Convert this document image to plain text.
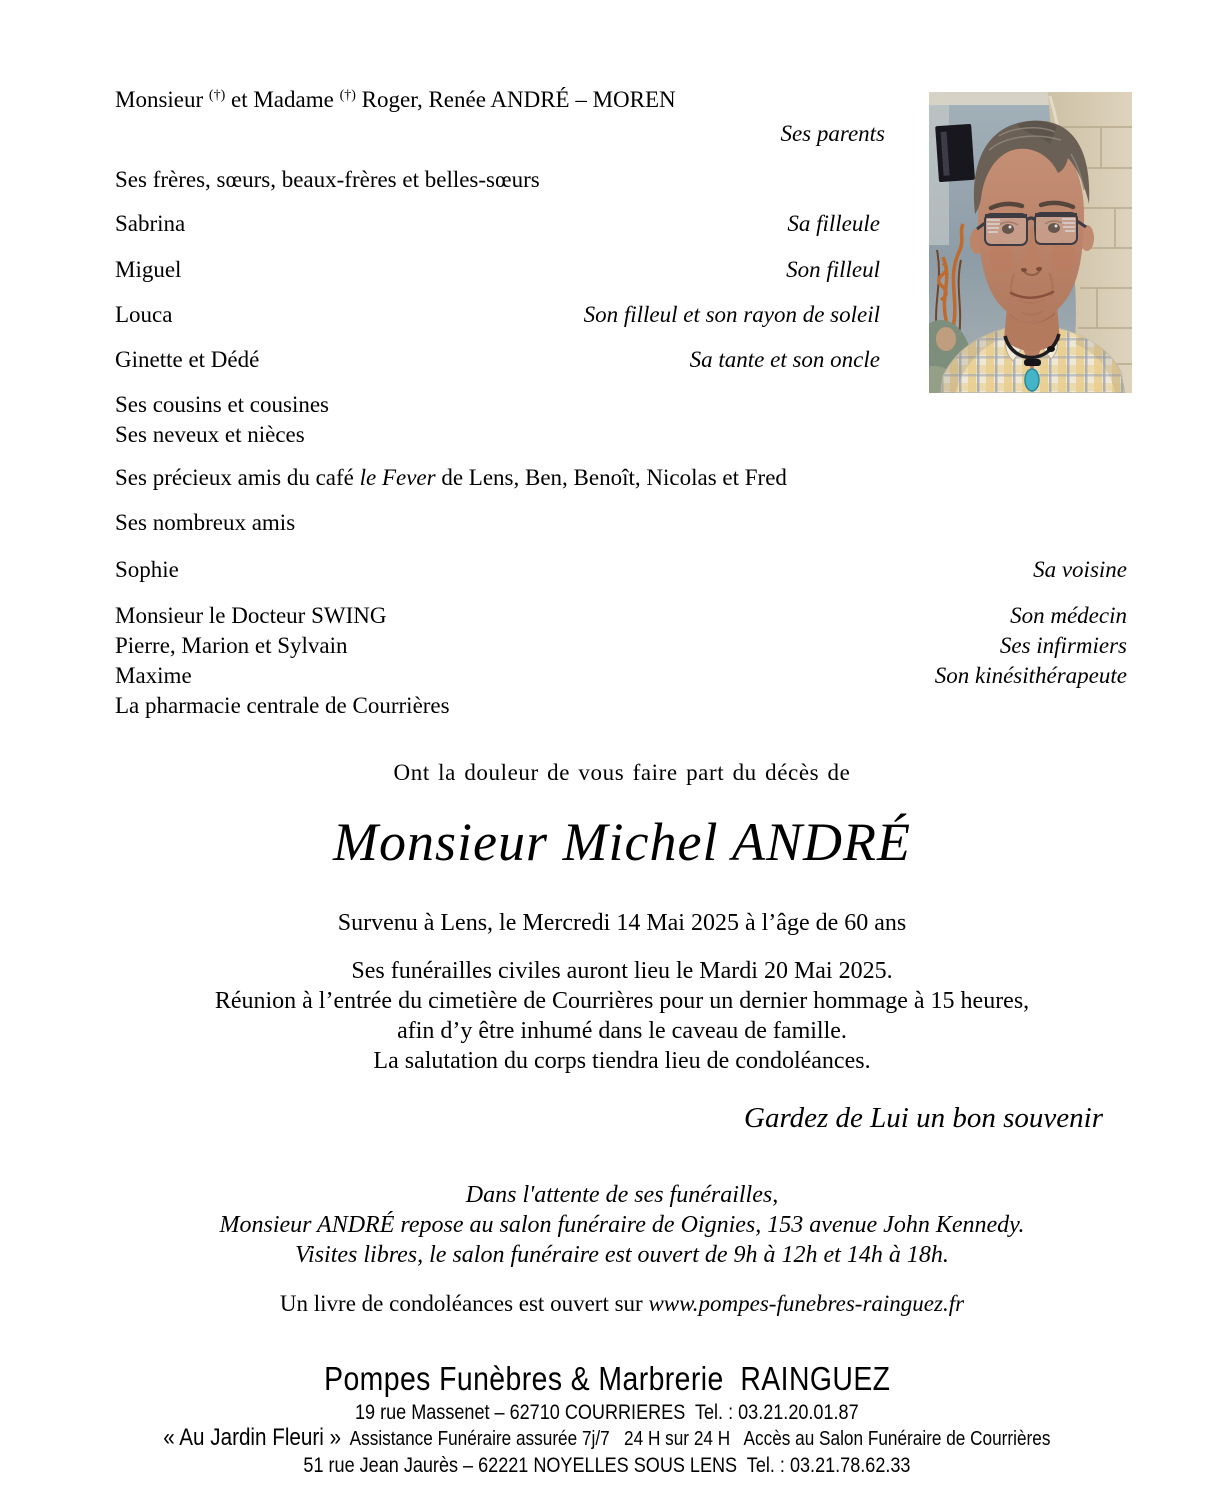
Monsieur (†) et Madame (†) Roger, Renée ANDRÉ – MOREN
Ses parents
Ses frères, sœurs, beaux-frères et belles-sœurs
Sabrina	Sa filleule
Miguel	Son filleul
Louca	Son filleul et son rayon de soleil
Ginette et Dédé	Sa tante et son oncle
Ses cousins et cousines
Ses neveux et nièces
Ses précieux amis du café le Fever de Lens, Ben, Benoît, Nicolas et Fred
Ses nombreux amis
Sophie	Sa voisine
Monsieur le Docteur SWING	Son médecin
Pierre, Marion et Sylvain	Ses infirmiers
Maxime	Son kinésithérapeute
La pharmacie centrale de Courrières
Ont la douleur de vous faire part du décès de
Monsieur Michel ANDRÉ
Survenu à Lens, le Mercredi 14 Mai 2025 à l’âge de 60 ans
Ses funérailles civiles auront lieu le Mardi 20 Mai 2025.
Réunion à l’entrée du cimetière de Courrières pour un dernier hommage à 15 heures,
afin d’y être inhumé dans le caveau de famille.
La salutation du corps tiendra lieu de condoléances.
Gardez de Lui un bon souvenir
Dans l'attente de ses funérailles,
Monsieur ANDRÉ repose au salon funéraire de Oignies, 153 avenue John Kennedy.
Visites libres, le salon funéraire est ouvert de 9h à 12h et 14h à 18h.
Un livre de condoléances est ouvert sur www.pompes-funebres-rainguez.fr
Pompes Funèbres & Marbrerie  RAINGUEZ
19 rue Massenet – 62710 COURRIERES  Tel. : 03.21.20.01.87
« Au Jardin Fleuri »  Assistance Funéraire assurée 7j/7   24 H sur 24 H   Accès au Salon Funéraire de Courrières
51 rue Jean Jaurès – 62221 NOYELLES SOUS LENS  Tel. : 03.21.78.62.33
